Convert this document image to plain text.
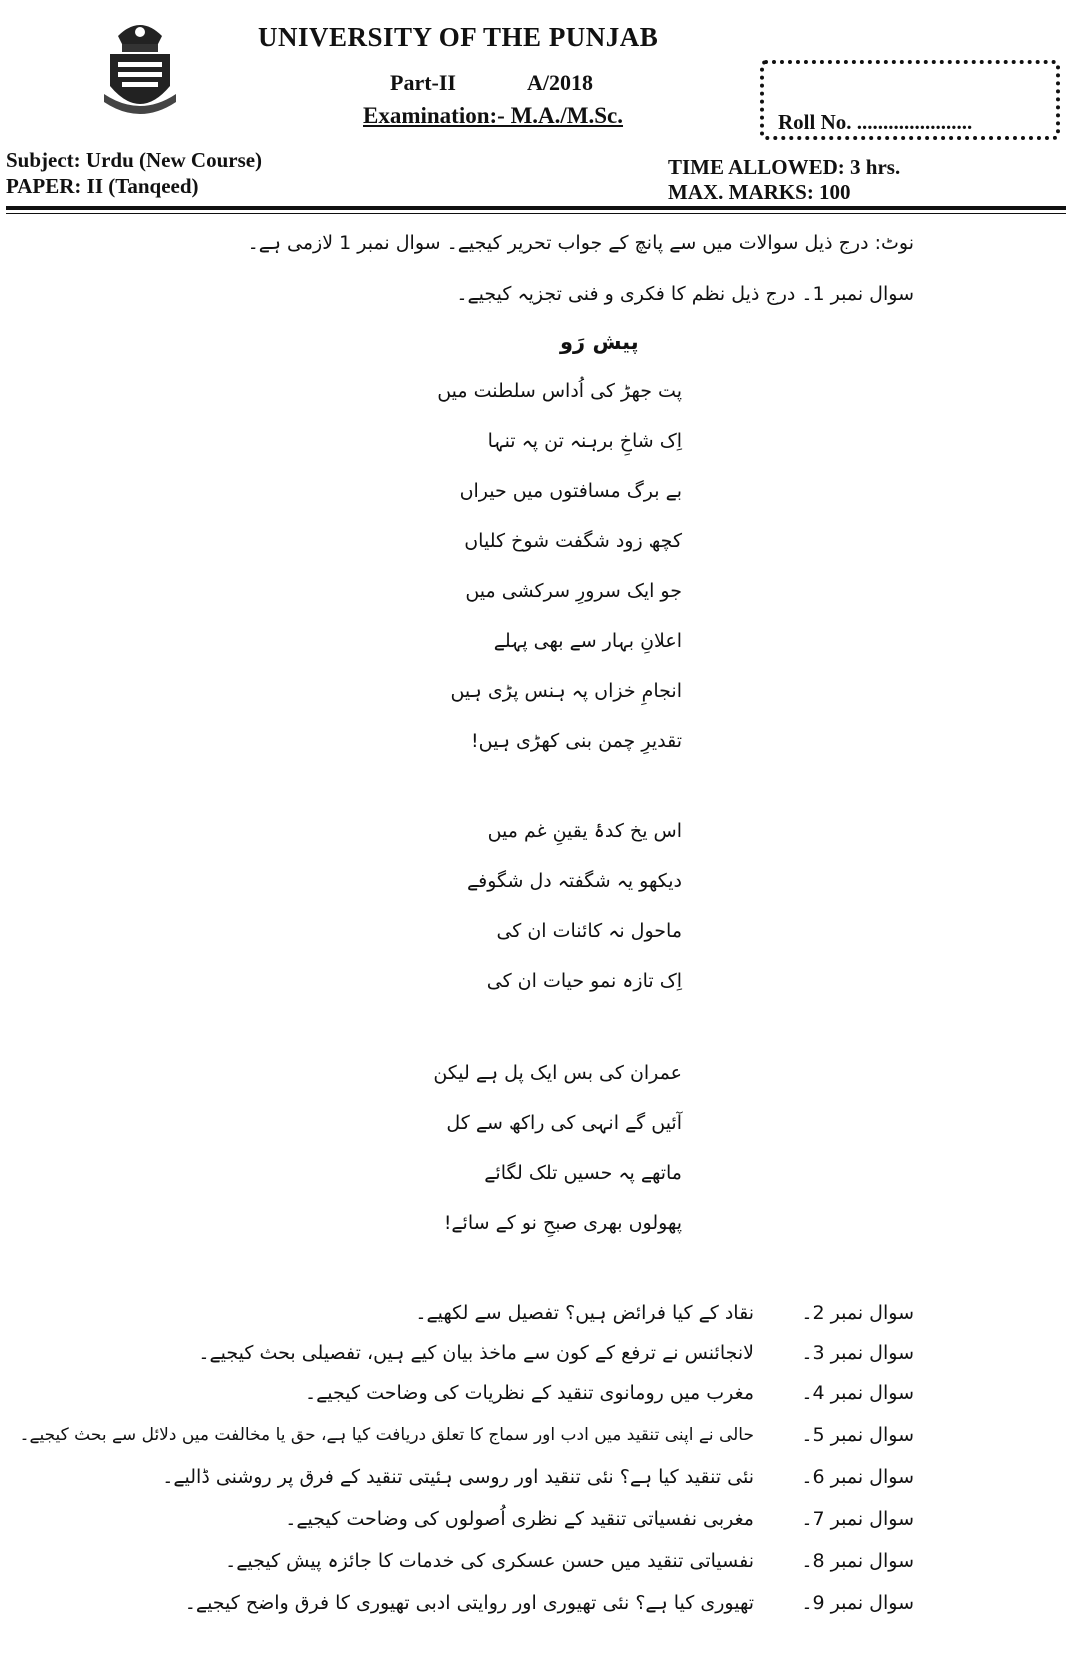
UNIVERSITY OF THE PUNJAB
Part-II	A/2018
Examination:- M.A./M.Sc.	Roll No. ......................
Subject: Urdu (New Course)
PAPER: II (Tanqeed)
TIME ALLOWED: 3 hrs.
MAX. MARKS: 100
نوٹ: درج ذیل سوالات میں سے پانچ کے جواب تحریر کیجیے۔ سوال نمبر 1 لازمی ہے۔
سوال نمبر 1۔ درج ذیل نظم کا فکری و فنی تجزیہ کیجیے۔
پیش رَو
پت جھڑ کی اُداس سلطنت میں
اِک شاخِ برہنہ تن پہ تنہا
بے برگ مسافتوں میں حیراں
کچھ زود شگفت شوخ کلیاں
جو ایک سرورِ سرکشی میں
اعلانِ بہار سے بھی پہلے
انجامِ خزاں پہ ہنس پڑی ہیں
تقدیرِ چمن بنی کھڑی ہیں!
اس یخ کدۂ یقینِ غم میں
دیکھو یہ شگفتہ دل شگوفے
ماحول نہ کائنات ان کی
اِک تازہ نمو حیات ان کی
عمران کی بس ایک پل ہے لیکن
آئیں گے انہی کی راکھ سے کل
ماتھے پہ حسیں تلک لگائے
پھولوں بھری صبحِ نو کے سائے!
سوال نمبر 2۔
نقاد کے کیا فرائض ہیں؟ تفصیل سے لکھیے۔
سوال نمبر 3۔
لانجائنس نے ترفع کے کون سے ماخذ بیان کیے ہیں، تفصیلی بحث کیجیے۔
سوال نمبر 4۔
مغرب میں رومانوی تنقید کے نظریات کی وضاحت کیجیے۔
سوال نمبر 5۔
حالی نے اپنی تنقید میں ادب اور سماج کا تعلق دریافت کیا ہے، حق یا مخالفت میں دلائل سے بحث کیجیے۔
سوال نمبر 6۔
نئی تنقید کیا ہے؟ نئی تنقید اور روسی ہئیتی تنقید کے فرق پر روشنی ڈالیے۔
سوال نمبر 7۔
مغربی نفسیاتی تنقید کے نظری اُصولوں کی وضاحت کیجیے۔
سوال نمبر 8۔
نفسیاتی تنقید میں حسن عسکری کی خدمات کا جائزہ پیش کیجیے۔
سوال نمبر 9۔
تھیوری کیا ہے؟ نئی تھیوری اور روایتی ادبی تھیوری کا فرق واضح کیجیے۔
